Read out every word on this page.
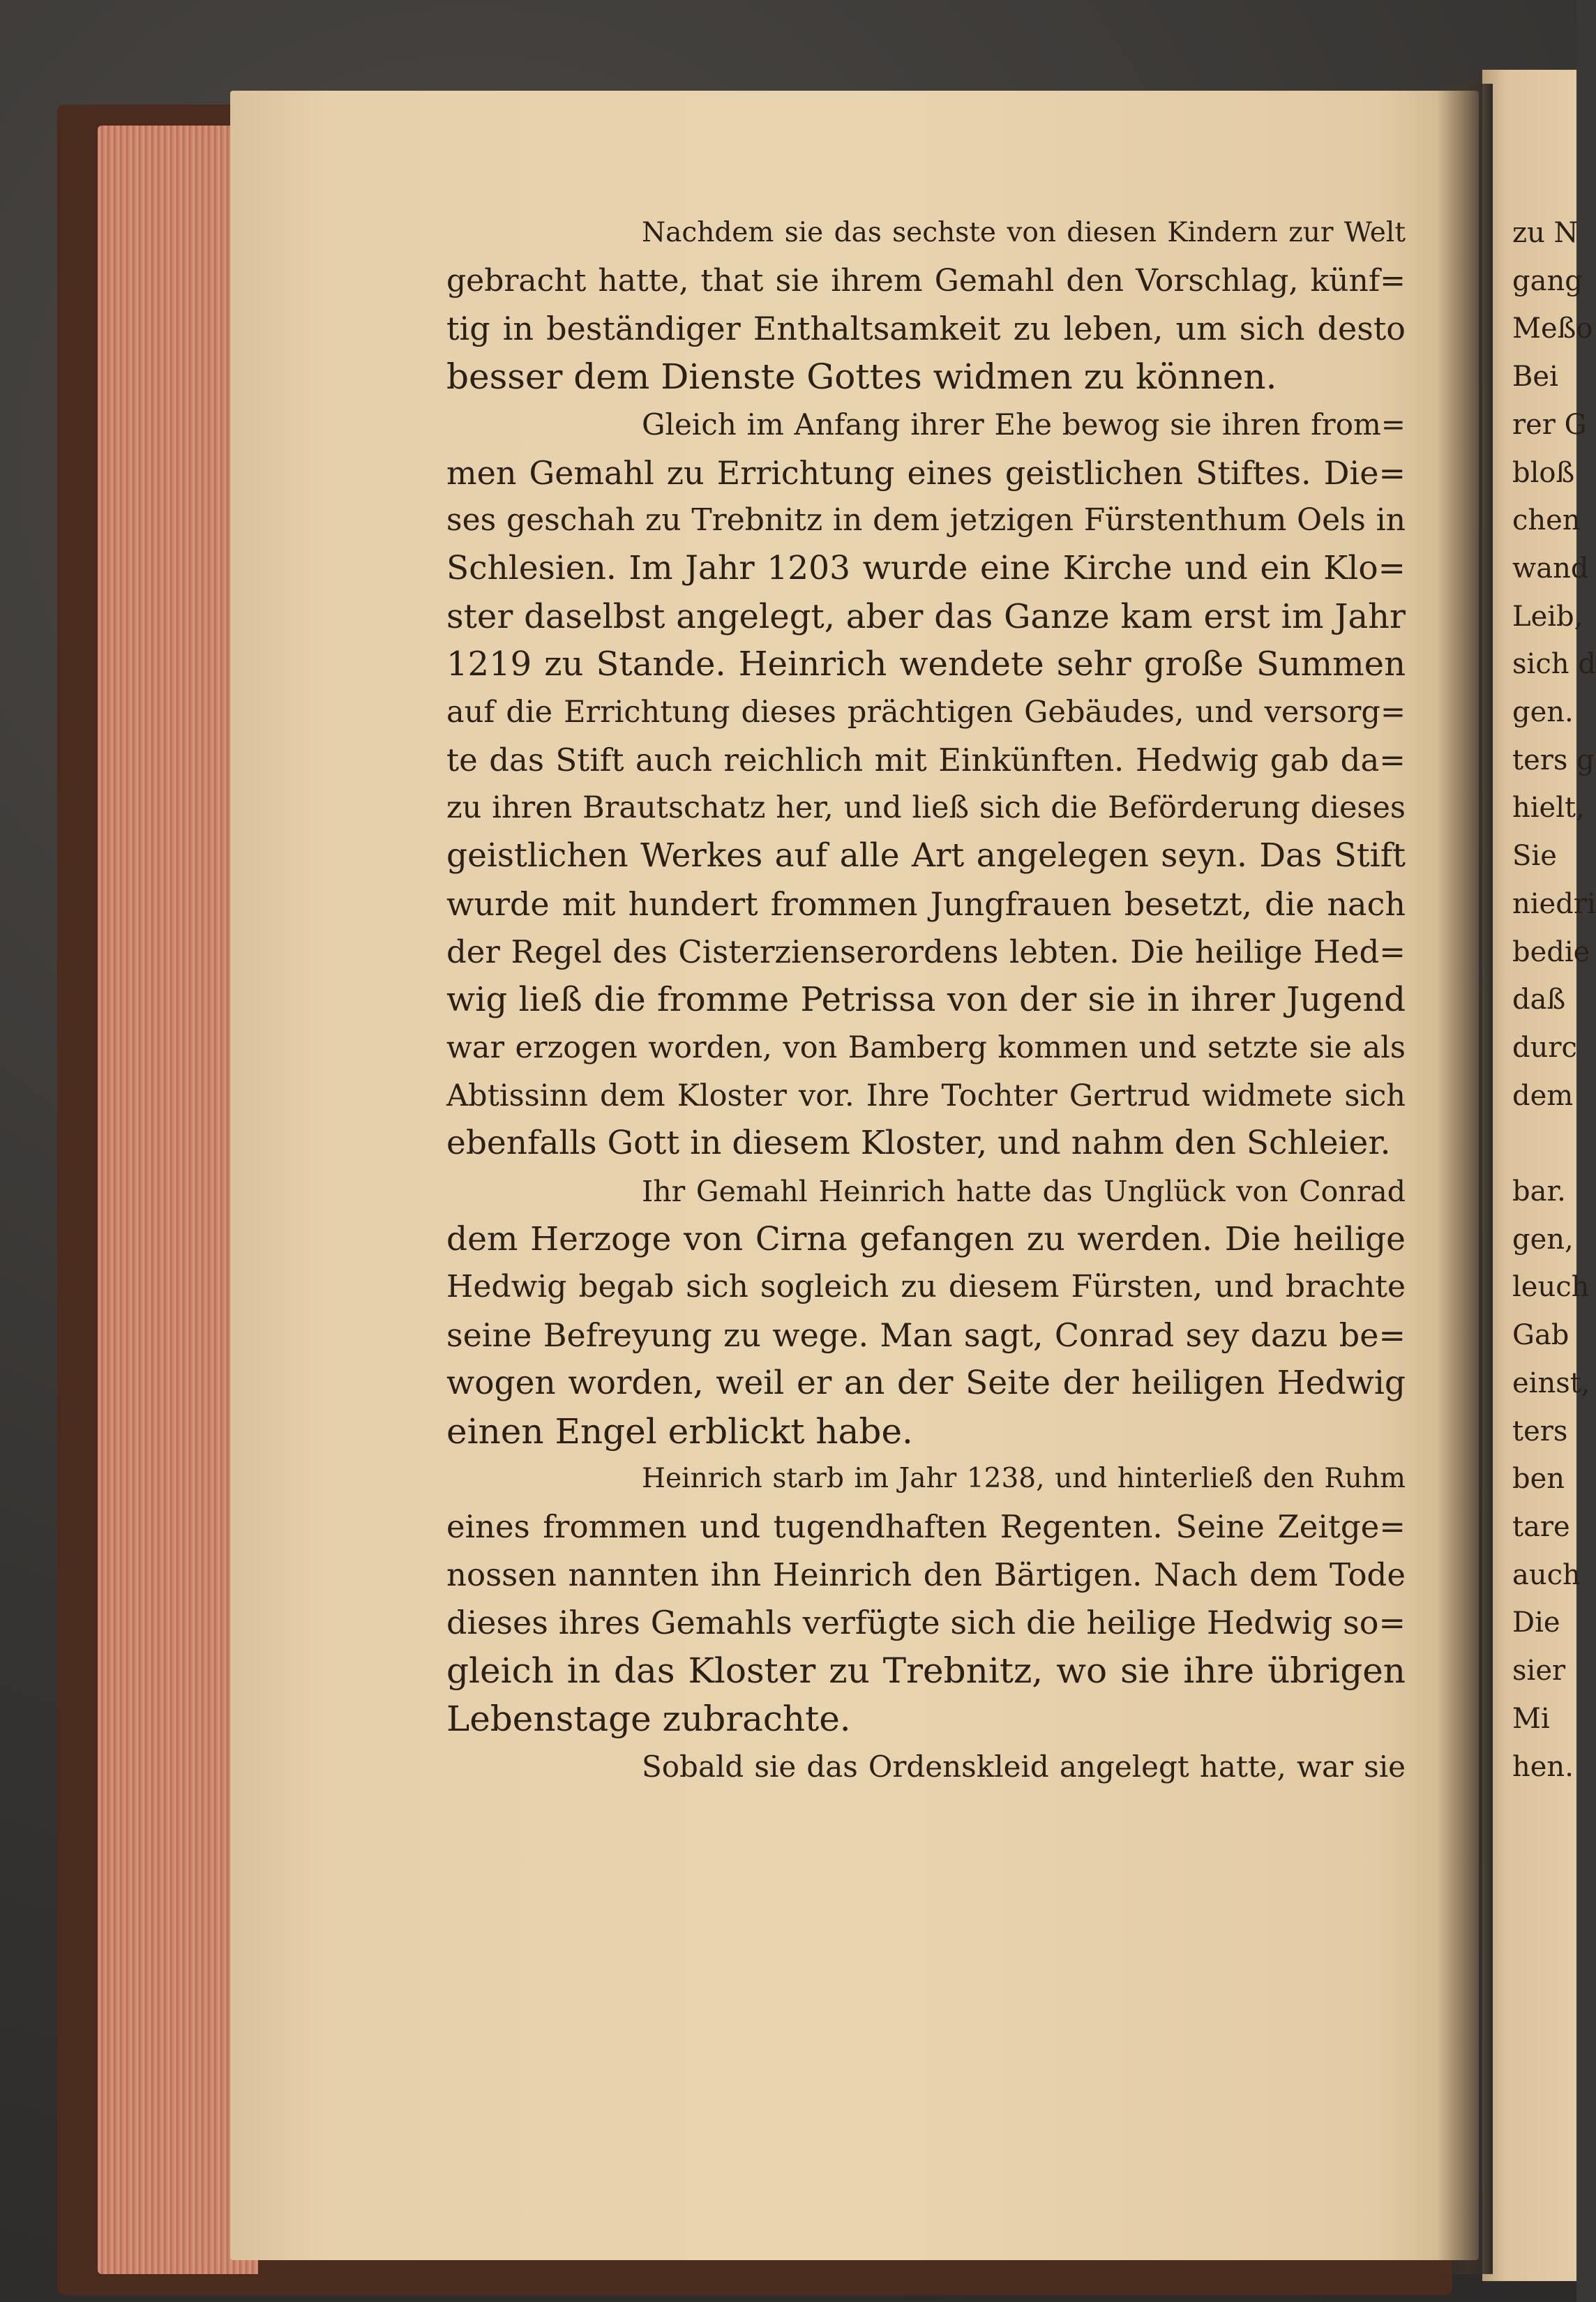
Nachdem sie das sechste von diesen Kindern zur Welt
gebracht hatte, that sie ihrem Gemahl den Vorschlag, künf=
tig in beständiger Enthaltsamkeit zu leben, um sich desto
besser dem Dienste Gottes widmen zu können.
Gleich im Anfang ihrer Ehe bewog sie ihren from=
men Gemahl zu Errichtung eines geistlichen Stiftes. Die=
ses geschah zu Trebnitz in dem jetzigen Fürstenthum Oels in
Schlesien. Im Jahr 1203 wurde eine Kirche und ein Klo=
ster daselbst angelegt, aber das Ganze kam erst im Jahr
1219 zu Stande. Heinrich wendete sehr große Summen
auf die Errichtung dieses prächtigen Gebäudes, und versorg=
te das Stift auch reichlich mit Einkünften. Hedwig gab da=
zu ihren Brautschatz her, und ließ sich die Beförderung dieses
geistlichen Werkes auf alle Art angelegen seyn. Das Stift
wurde mit hundert frommen Jungfrauen besetzt, die nach
der Regel des Cisterzienserordens lebten. Die heilige Hed=
wig ließ die fromme Petrissa von der sie in ihrer Jugend
war erzogen worden, von Bamberg kommen und setzte sie als
Abtissinn dem Kloster vor. Ihre Tochter Gertrud widmete sich
ebenfalls Gott in diesem Kloster, und nahm den Schleier.
Ihr Gemahl Heinrich hatte das Unglück von Conrad
dem Herzoge von Cirna gefangen zu werden. Die heilige
Hedwig begab sich sogleich zu diesem Fürsten, und brachte
seine Befreyung zu wege. Man sagt, Conrad sey dazu be=
wogen worden, weil er an der Seite der heiligen Hedwig
einen Engel erblickt habe.
Heinrich starb im Jahr 1238, und hinterließ den Ruhm
eines frommen und tugendhaften Regenten. Seine Zeitge=
nossen nannten ihn Heinrich den Bärtigen. Nach dem Tode
dieses ihres Gemahls verfügte sich die heilige Hedwig so=
gleich in das Kloster zu Trebnitz, wo sie ihre übrigen
Lebenstage zubrachte.
Sobald sie das Ordenskleid angelegt hatte, war sie
zu N
gang
Meßo
Bei
rer G
bloß
chen
wand
Leib,
sich d
gen.
ters g
hielt,
Sie
niedri
bedie
daß
durc
dem

bar.
gen,
leuch
Gab
einst,
ters
ben
tare
auch
Die
sier
Mi
hen.
